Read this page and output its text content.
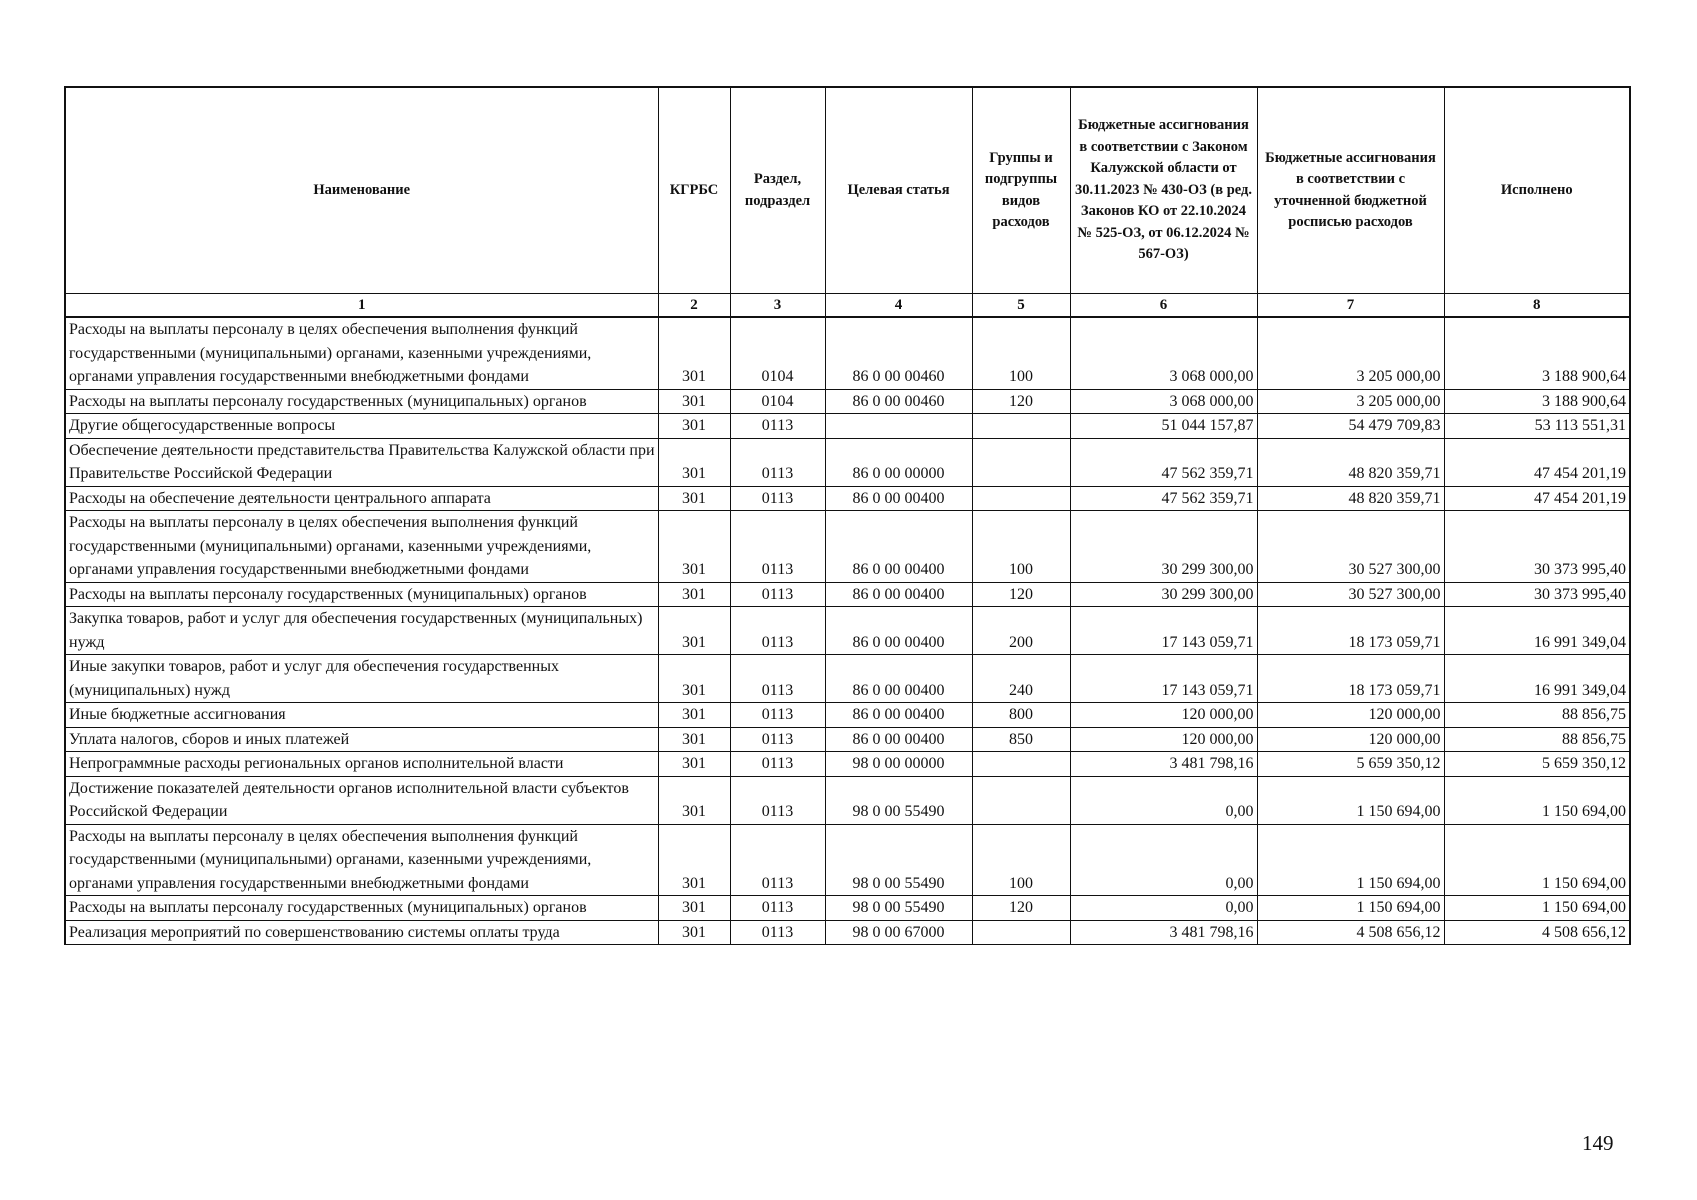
Наименование	КГРБС	Раздел, подраздел	Целевая статья	Группы и подгруппы видов расходов	Бюджетные ассигнования в соответствии с Законом Калужской области от 30.11.2023 № 430-ОЗ (в ред. Законов КО от 22.10.2024 № 525-ОЗ, от 06.12.2024 № 567-ОЗ)	Бюджетные ассигнования в соответствии с уточненной бюджетной росписью расходов	Исполнено
1	2	3	4	5	6	7	8
Расходы на выплаты персоналу в целях обеспечения выполнения функций государственными (муниципальными) органами, казенными учреждениями, органами управления государственными внебюджетными фондами	301	0104	86 0 00 00460	100	3 068 000,00	3 205 000,00	3 188 900,64
Расходы на выплаты персоналу государственных (муниципальных) органов	301	0104	86 0 00 00460	120	3 068 000,00	3 205 000,00	3 188 900,64
Другие общегосударственные вопросы	301	0113			51 044 157,87	54 479 709,83	53 113 551,31
Обеспечение деятельности представительства Правительства Калужской области при Правительстве Российской Федерации	301	0113	86 0 00 00000		47 562 359,71	48 820 359,71	47 454 201,19
Расходы на обеспечение деятельности центрального аппарата	301	0113	86 0 00 00400		47 562 359,71	48 820 359,71	47 454 201,19
Расходы на выплаты персоналу в целях обеспечения выполнения функций государственными (муниципальными) органами, казенными учреждениями, органами управления государственными внебюджетными фондами	301	0113	86 0 00 00400	100	30 299 300,00	30 527 300,00	30 373 995,40
Расходы на выплаты персоналу государственных (муниципальных) органов	301	0113	86 0 00 00400	120	30 299 300,00	30 527 300,00	30 373 995,40
Закупка товаров, работ и услуг для обеспечения государственных (муниципальных) нужд	301	0113	86 0 00 00400	200	17 143 059,71	18 173 059,71	16 991 349,04
Иные закупки товаров, работ и услуг для обеспечения государственных (муниципальных) нужд	301	0113	86 0 00 00400	240	17 143 059,71	18 173 059,71	16 991 349,04
Иные бюджетные ассигнования	301	0113	86 0 00 00400	800	120 000,00	120 000,00	88 856,75
Уплата налогов, сборов и иных платежей	301	0113	86 0 00 00400	850	120 000,00	120 000,00	88 856,75
Непрограммные расходы региональных органов исполнительной власти	301	0113	98 0 00 00000		3 481 798,16	5 659 350,12	5 659 350,12
Достижение показателей деятельности органов исполнительной власти субъектов Российской Федерации	301	0113	98 0 00 55490		0,00	1 150 694,00	1 150 694,00
Расходы на выплаты персоналу в целях обеспечения выполнения функций государственными (муниципальными) органами, казенными учреждениями, органами управления государственными внебюджетными фондами	301	0113	98 0 00 55490	100	0,00	1 150 694,00	1 150 694,00
Расходы на выплаты персоналу государственных (муниципальных) органов	301	0113	98 0 00 55490	120	0,00	1 150 694,00	1 150 694,00
Реализация мероприятий по совершенствованию системы оплаты труда	301	0113	98 0 00 67000		3 481 798,16	4 508 656,12	4 508 656,12
149
